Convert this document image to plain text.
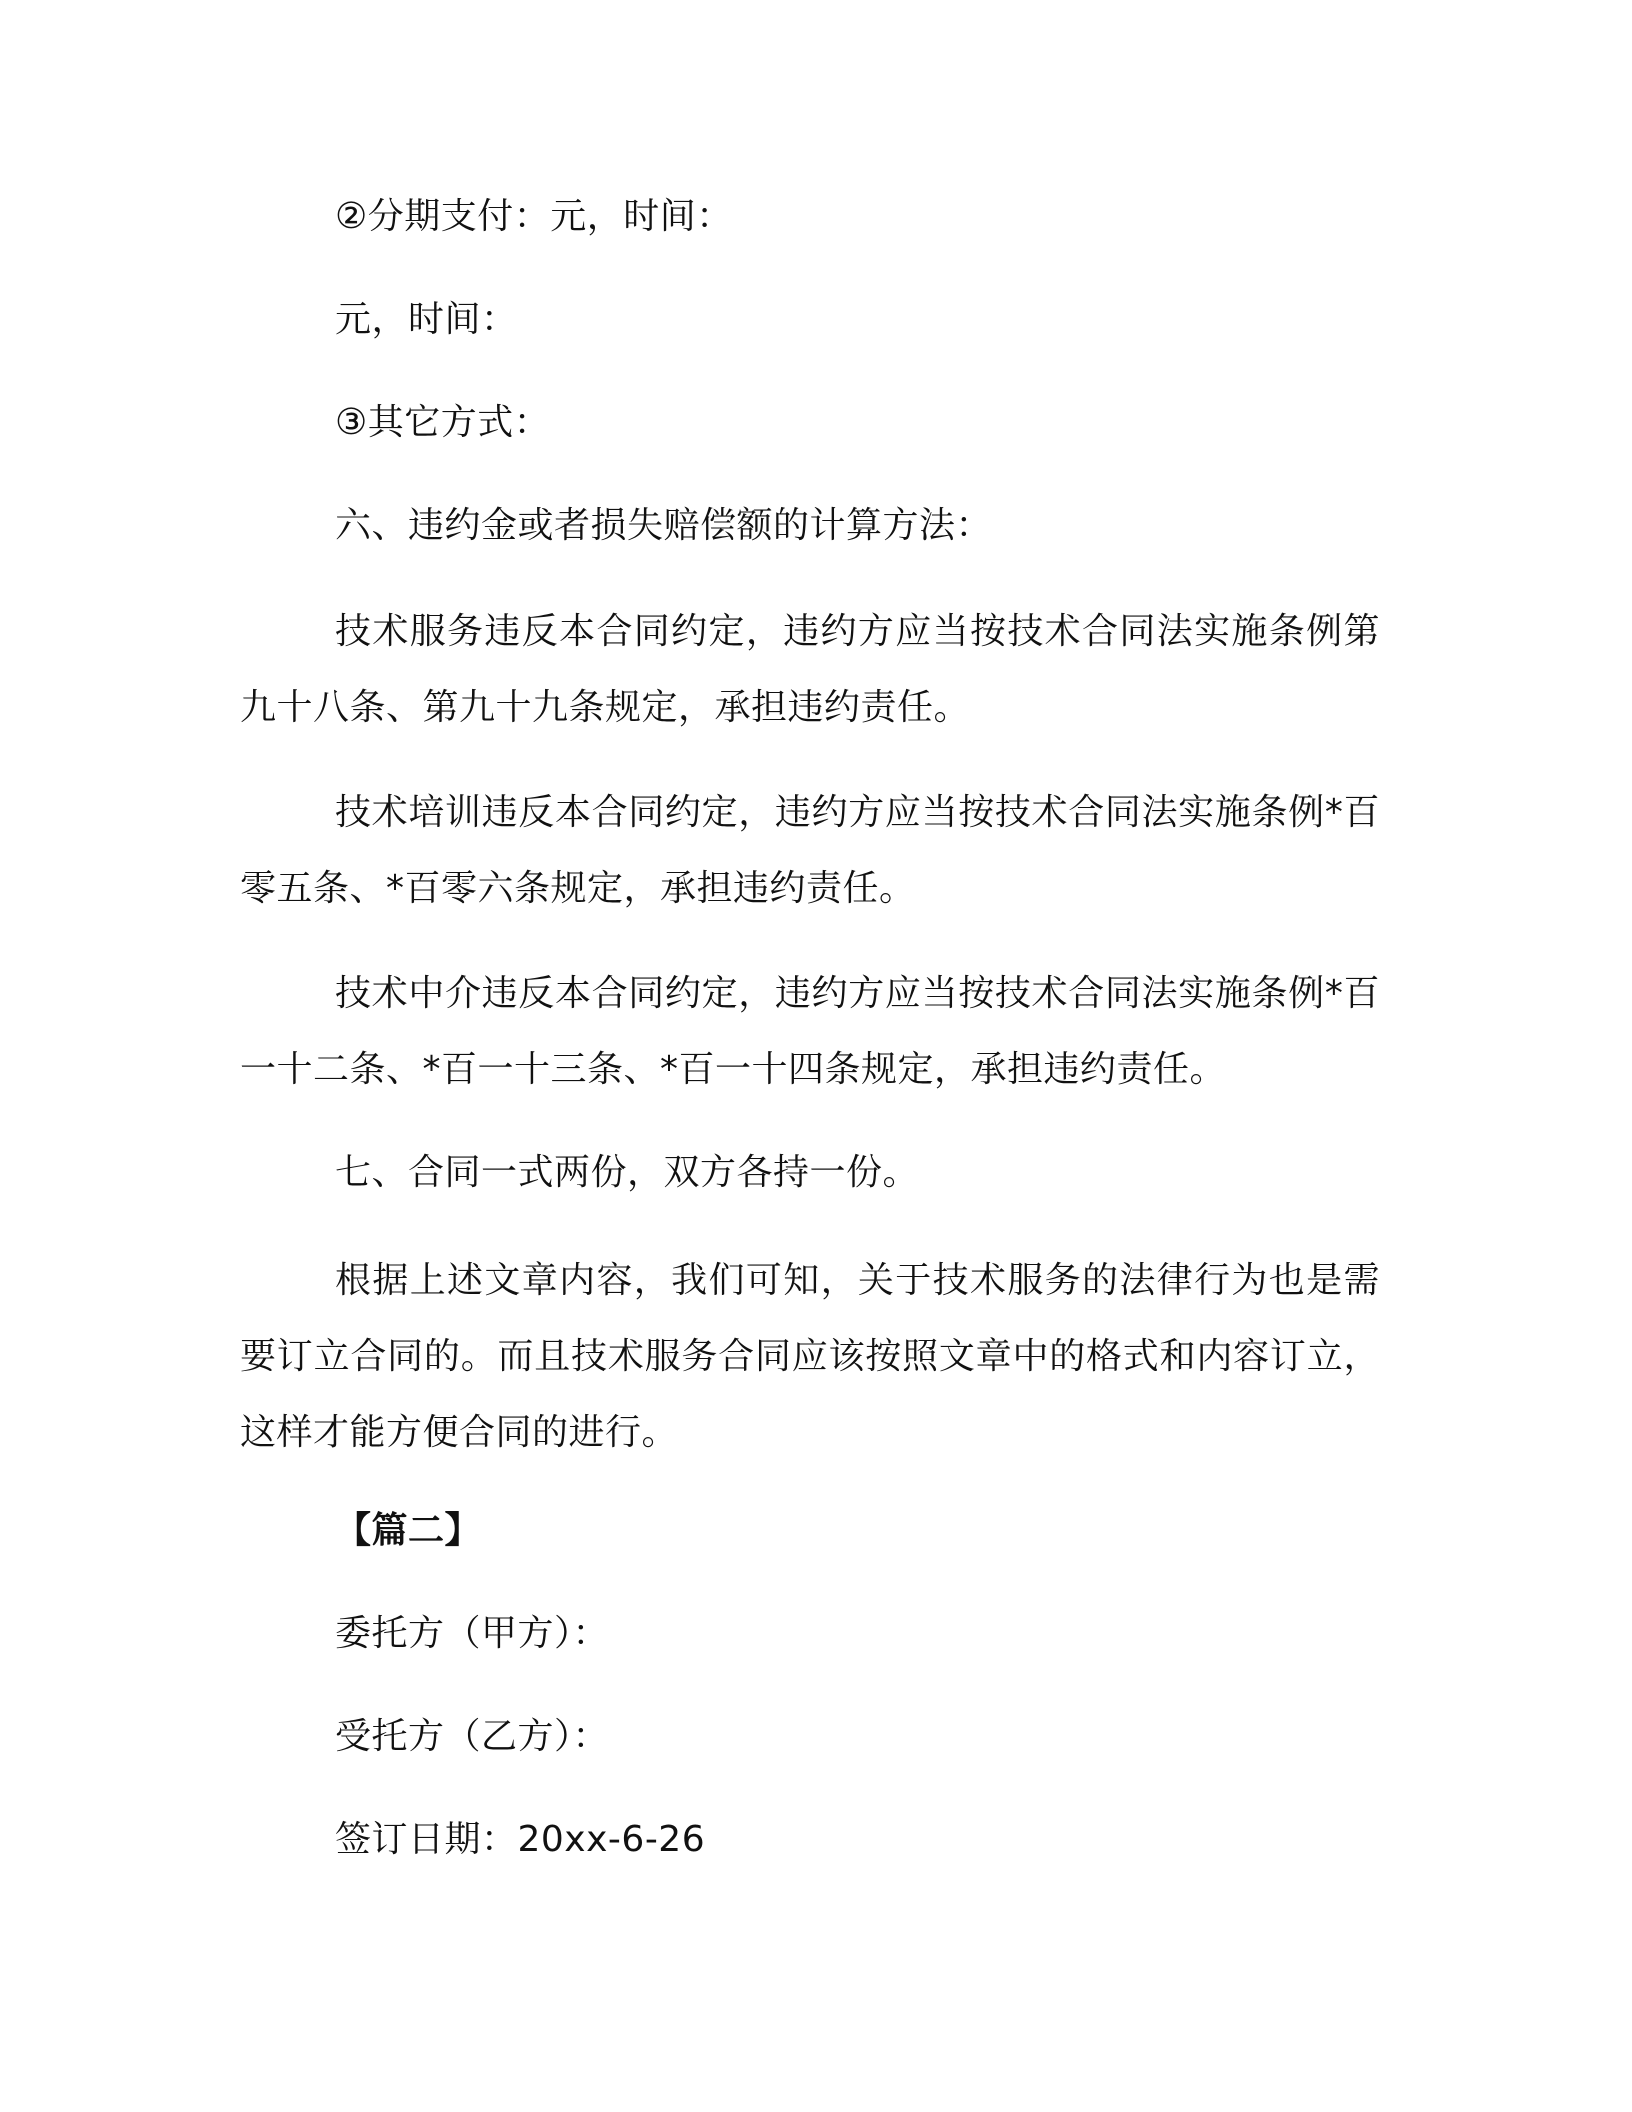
②分期支付：元，时间：
元，时间：
③其它方式：
六、违约金或者损失赔偿额的计算方法：
技术服务违反本合同约定，违约方应当按技术合同法实施条例第九十八条、第九十九条规定，承担违约责任。
技术培训违反本合同约定，违约方应当按技术合同法实施条例*百零五条、*百零六条规定，承担违约责任。
技术中介违反本合同约定，违约方应当按技术合同法实施条例*百一十二条、*百一十三条、*百一十四条规定，承担违约责任。
七、合同一式两份，双方各持一份。
根据上述文章内容，我们可知，关于技术服务的法律行为也是需要订立合同的。而且技术服务合同应该按照文章中的格式和内容订立，这样才能方便合同的进行。
【篇二】
委托方（甲方）：
受托方（乙方）：
签订日期：20xx-6-26
